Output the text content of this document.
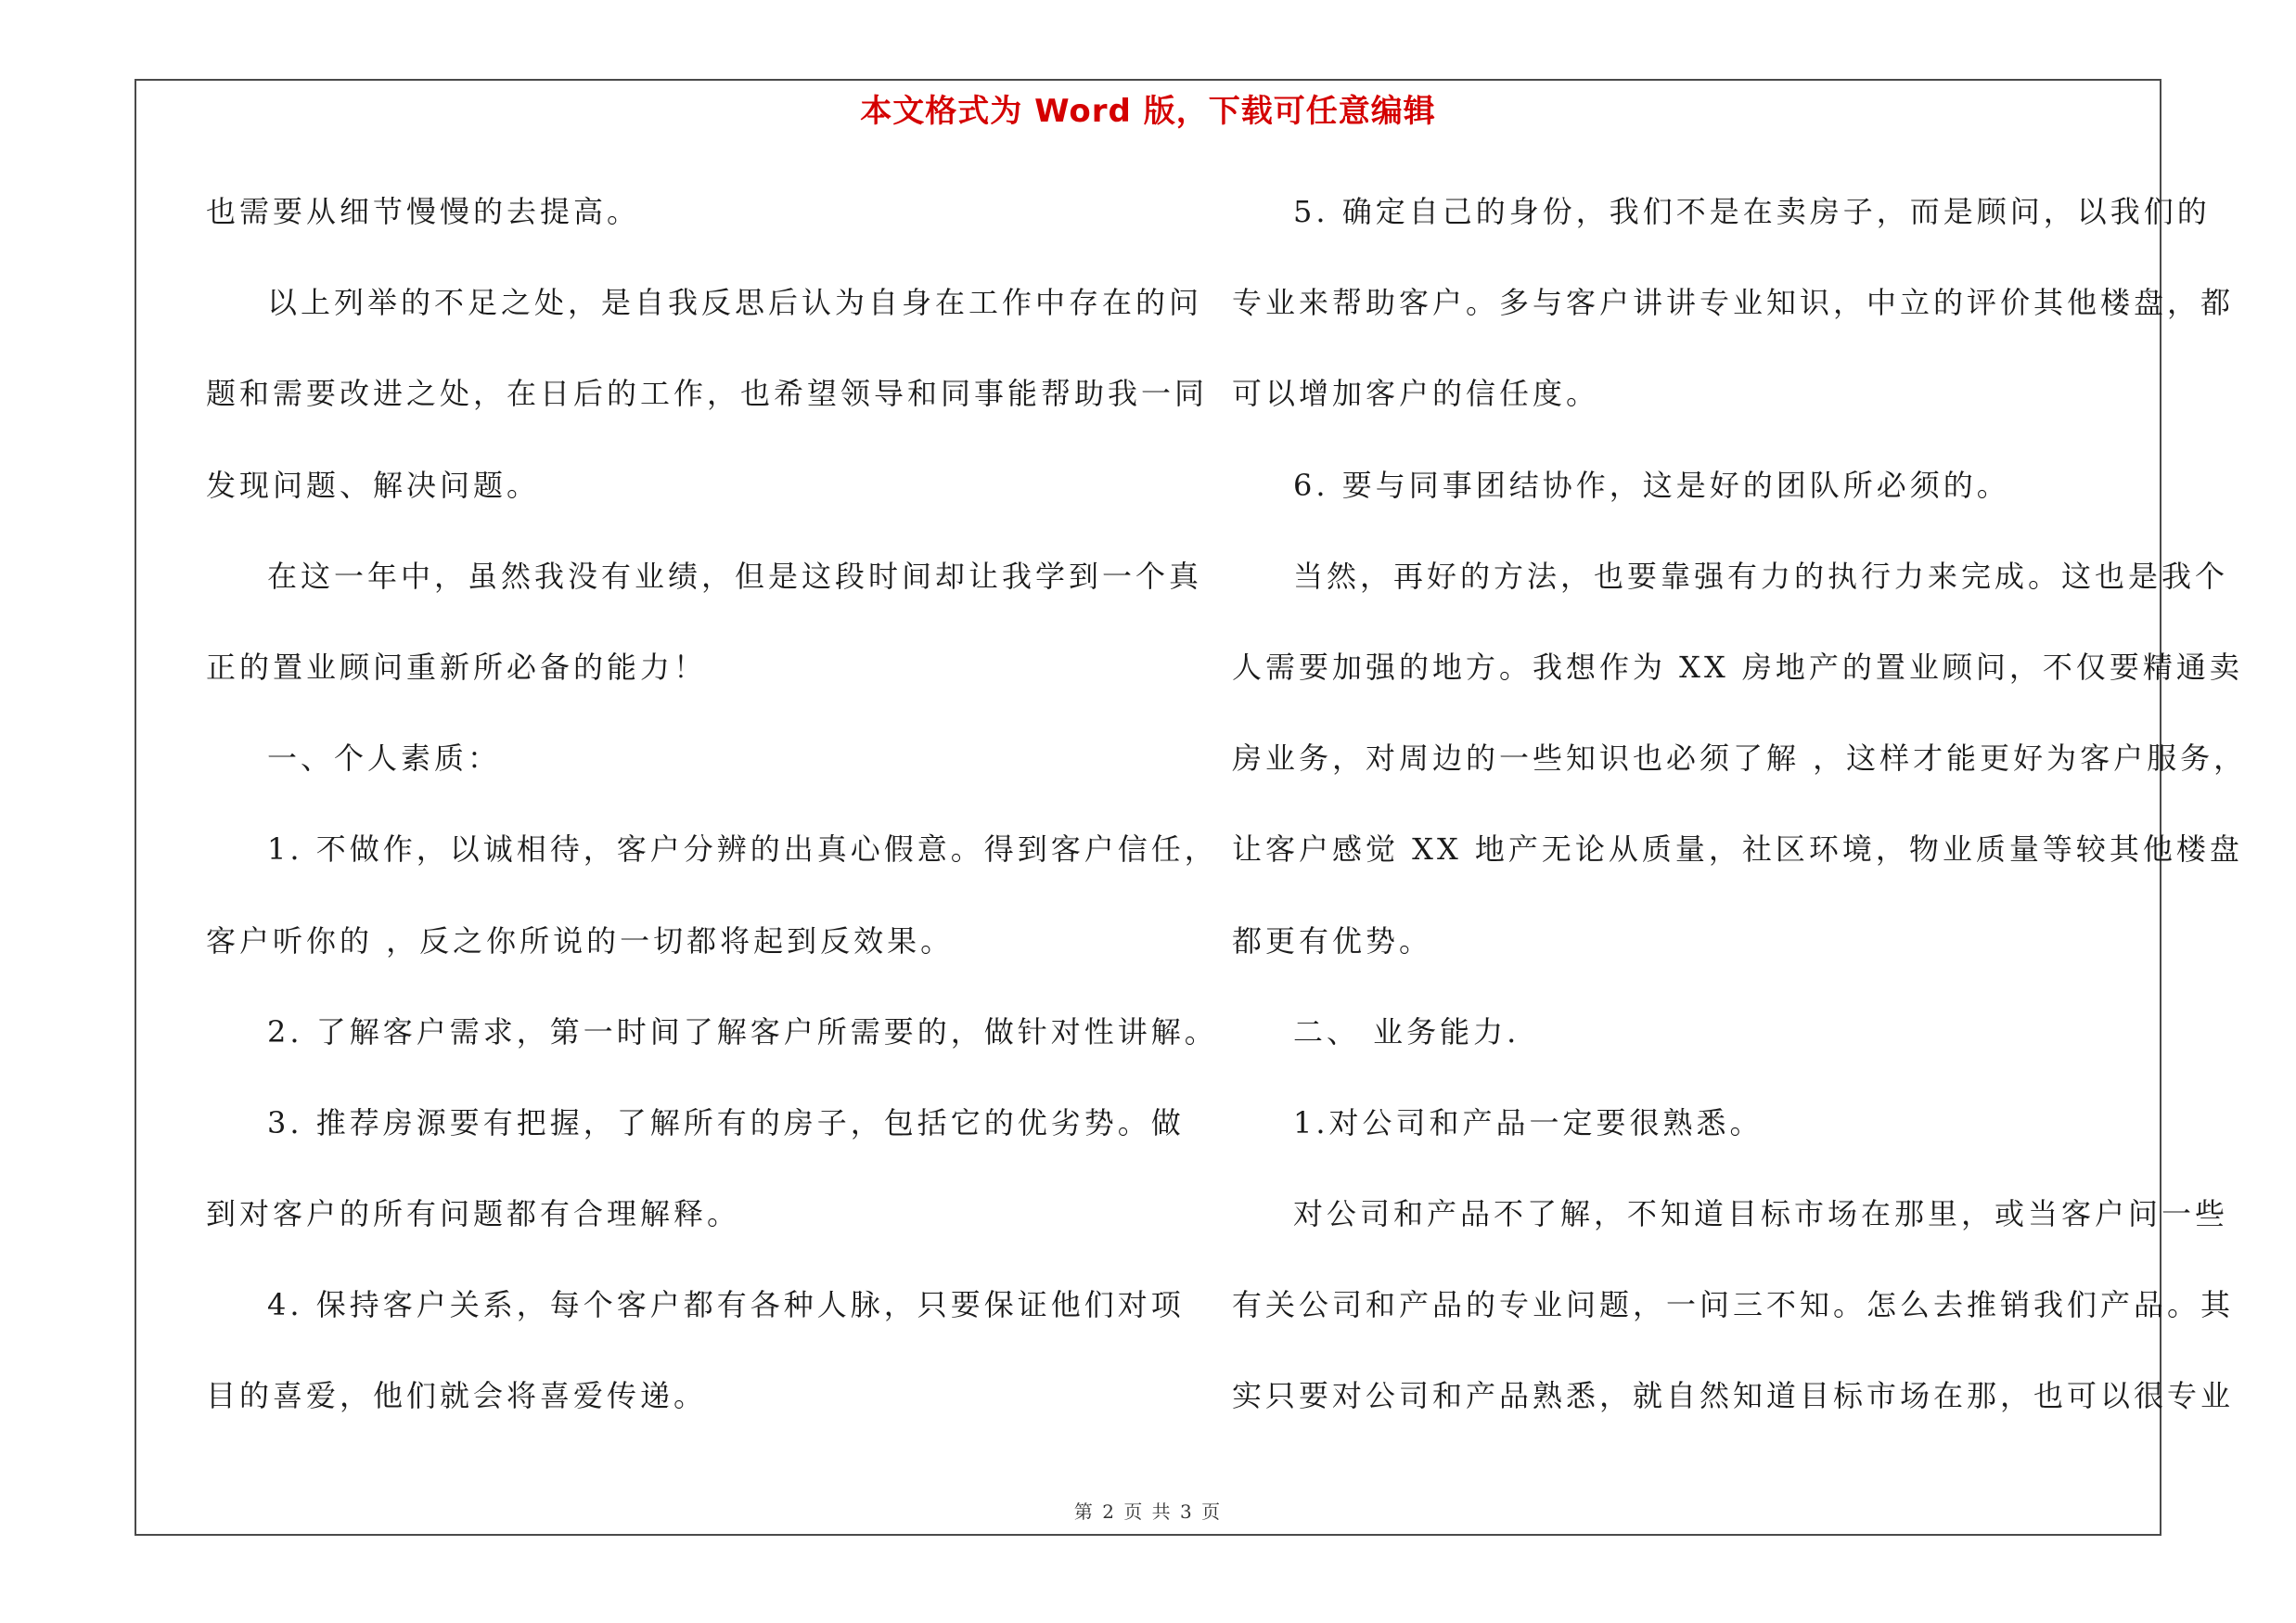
本文格式为 Word 版，下载可任意编辑
也需要从细节慢慢的去提高。
以上列举的不足之处，是自我反思后认为自身在工作中存在的问
题和需要改进之处，在日后的工作，也希望领导和同事能帮助我一同
发现问题、解决问题。
在这一年中，虽然我没有业绩，但是这段时间却让我学到一个真
正的置业顾问重新所必备的能力！
一、个人素质：
1. 不做作，以诚相待，客户分辨的出真心假意。得到客户信任，
客户听你的 ，反之你所说的一切都将起到反效果。
2. 了解客户需求，第一时间了解客户所需要的，做针对性讲解。
3. 推荐房源要有把握，了解所有的房子，包括它的优劣势。做
到对客户的所有问题都有合理解释。
4. 保持客户关系，每个客户都有各种人脉，只要保证他们对项
目的喜爱，他们就会将喜爱传递。
5. 确定自己的身份，我们不是在卖房子，而是顾问，以我们的
专业来帮助客户。多与客户讲讲专业知识，中立的评价其他楼盘，都
可以增加客户的信任度。
6. 要与同事团结协作，这是好的团队所必须的。
当然，再好的方法，也要靠强有力的执行力来完成。这也是我个
人需要加强的地方。我想作为 XX 房地产的置业顾问，不仅要精通卖
房业务，对周边的一些知识也必须了解 ，这样才能更好为客户服务，
让客户感觉 XX 地产无论从质量，社区环境，物业质量等较其他楼盘
都更有优势。
二、 业务能力.
1.对公司和产品一定要很熟悉。
对公司和产品不了解，不知道目标市场在那里，或当客户问一些
有关公司和产品的专业问题，一问三不知。怎么去推销我们产品。其
实只要对公司和产品熟悉，就自然知道目标市场在那，也可以很专业
第 2 页 共 3 页
